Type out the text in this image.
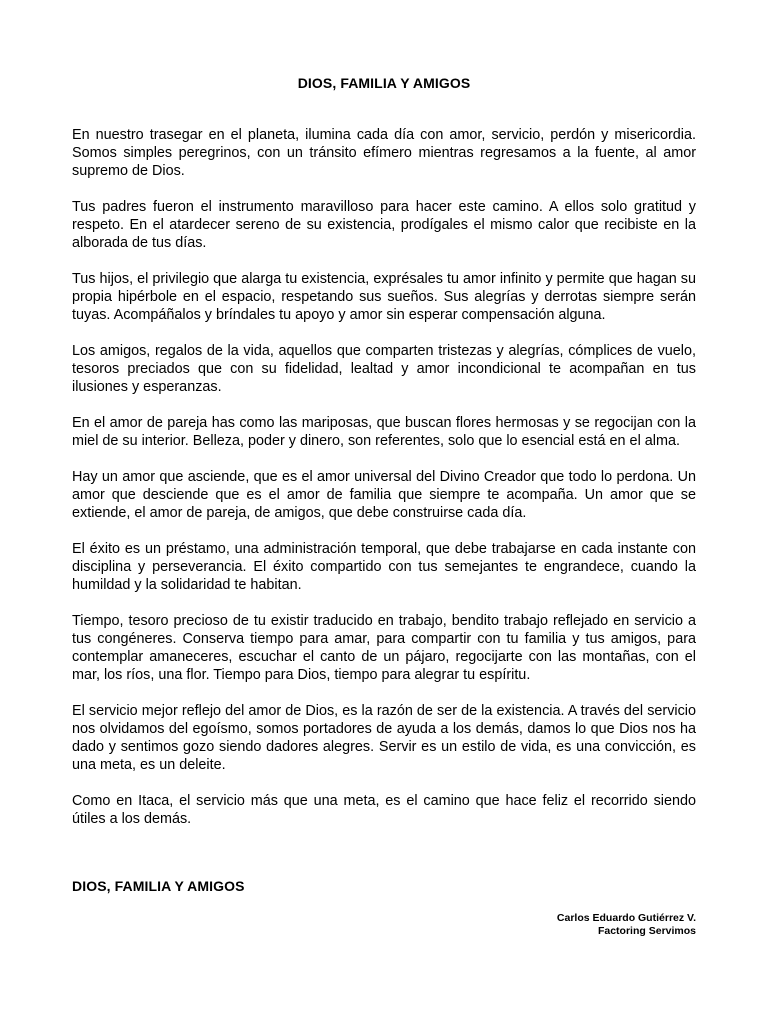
DIOS, FAMILIA Y AMIGOS

En nuestro trasegar en el planeta, ilumina cada día con amor, servicio, perdón y misericordia. Somos simples peregrinos, con un tránsito efímero mientras regresamos a la fuente, al amor supremo de Dios.

Tus padres fueron el instrumento maravilloso para hacer este camino. A ellos solo gratitud y respeto. En el atardecer sereno de su existencia, prodígales el mismo calor que recibiste en la alborada de tus días.

Tus hijos, el privilegio que alarga tu existencia, exprésales tu amor infinito y permite que hagan su propia hipérbole en el espacio, respetando sus sueños. Sus alegrías y derrotas siempre serán tuyas. Acompáñalos y bríndales tu apoyo y amor sin esperar compensación alguna.

Los amigos, regalos de la vida, aquellos que comparten tristezas y alegrías, cómplices de vuelo, tesoros preciados que con su fidelidad, lealtad y amor incondicional te acompañan en tus ilusiones y esperanzas.

En el amor de pareja has como las mariposas, que buscan flores hermosas y se regocijan con la miel de su interior. Belleza, poder y dinero, son referentes, solo que lo esencial está en el alma.

Hay un amor que asciende, que es el amor universal del Divino Creador que todo lo perdona. Un amor que desciende que es el amor de familia que siempre te acompaña. Un amor que se extiende, el amor de pareja, de amigos, que debe construirse cada día.

El éxito es un préstamo, una administración temporal, que debe trabajarse en cada instante con disciplina y perseverancia. El éxito compartido con tus semejantes te engrandece, cuando la humildad y la solidaridad te habitan.

Tiempo, tesoro precioso de tu existir traducido en trabajo, bendito trabajo reflejado en servicio a tus congéneres. Conserva tiempo para amar, para compartir con tu familia y tus amigos, para contemplar amaneceres, escuchar el canto de un pájaro, regocijarte con las montañas, con el mar, los ríos, una flor. Tiempo para Dios, tiempo para alegrar tu espíritu.

El servicio mejor reflejo del amor de Dios, es la razón de ser de la existencia. A través del servicio nos olvidamos del egoísmo, somos portadores de ayuda a los demás, damos lo que Dios nos ha dado y sentimos gozo siendo dadores alegres. Servir es un estilo de vida, es una convicción, es una meta, es un deleite.

Como en Itaca, el servicio más que una meta, es el camino que hace feliz el recorrido siendo útiles a los demás.

DIOS, FAMILIA Y AMIGOS
Carlos Eduardo Gutiérrez V.
Factoring Servimos
